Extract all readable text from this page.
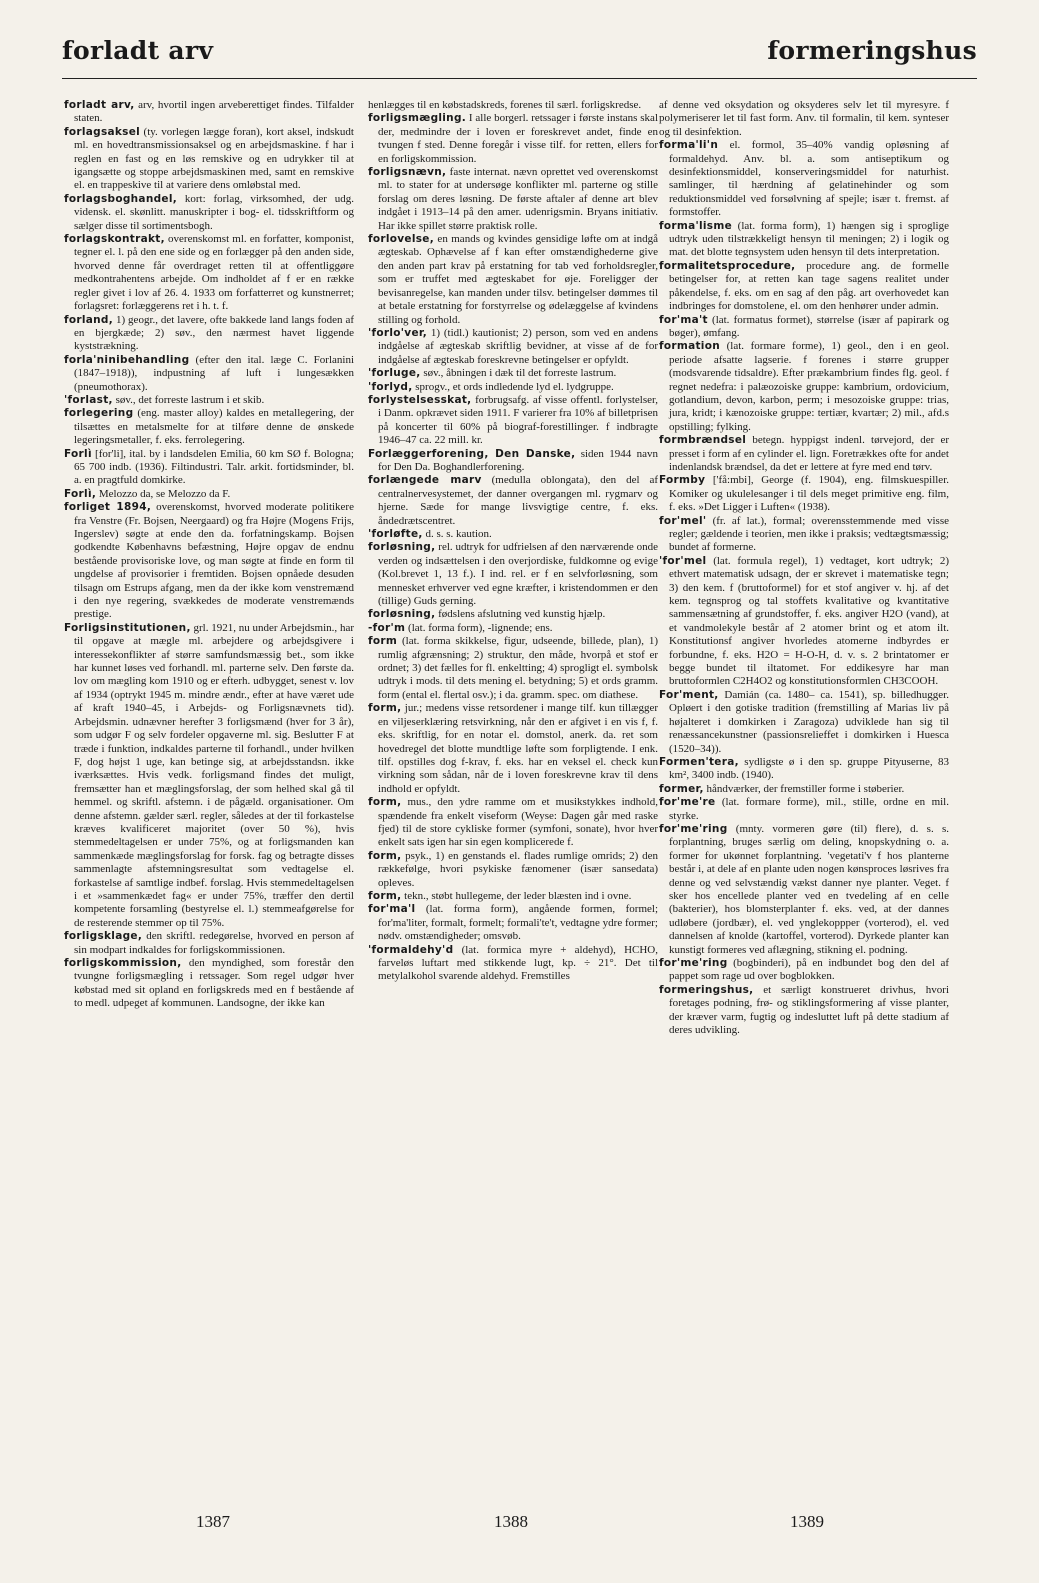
forladt arv	formeringshus

forladt arv, arv, hvortil ingen arveberettiget findes. Tilfalder staten.

forlagsaksel (ty. vorlegen lægge foran), kort aksel, indskudt ml. en hovedtransmissionsaksel og en arbejdsmaskine. f har i reglen en fast og en løs remskive og en udrykker til at igangsætte og stoppe arbejdsmaskinen med, samt en remskive el. en trappeskive til at variere dens omløbstal med.

forlagsboghandel, kort: forlag, virksomhed, der udg. vidensk. el. skønlitt. manuskripter i bog- el. tidsskriftform og sælger disse til sortimentsbogh.

forlagskontrakt, overenskomst ml. en forfatter, komponist, tegner el. l. på den ene side og en forlægger på den anden side, hvorved denne får overdraget retten til at offentliggøre medkontrahentens arbejde. Om indholdet af f er en række regler givet i lov af 26. 4. 1933 om forfatterret og kunstnerret; forlagsret: forlæggerens ret i h. t. f.

forland, 1) geogr., det lavere, ofte bakkede land langs foden af en bjergkæde; 2) søv., den nærmest havet liggende kyststrækning.

forla'ninibehandling (efter den ital. læge C. Forlanini (1847–1918)), indpustning af luft i lungesækken (pneumothorax).

'forlast, søv., det forreste lastrum i et skib.

forlegering (eng. master alloy) kaldes en metallegering, der tilsættes en metalsmelte for at tilføre denne de ønskede legeringsmetaller, f. eks. ferrolegering.

Forlì [for'li], ital. by i landsdelen Emilia, 60 km SØ f. Bologna; 65 700 indb. (1936). Filtindustri. Talr. arkit. fortidsminder, bl. a. en pragtfuld domkirke.

Forlì, Melozzo da, se Melozzo da F.

forliget 1894, overenskomst, hvorved moderate politikere fra Venstre (Fr. Bojsen, Neergaard) og fra Højre (Mogens Frijs, Ingerslev) søgte at ende den da. forfatningskamp. Bojsen godkendte Københavns befæstning, Højre opgav de endnu bestående provisoriske love, og man søgte at finde en form til ungdelse af provisorier i fremtiden. Bojsen opnåede desuden tilsagn om Estrups afgang, men da der ikke kom venstremænd i den nye regering, svækkedes de moderate venstremænds prestige.

Forligsinstitutionen, grl. 1921, nu under Arbejdsmin., har til opgave at mægle ml. arbejdere og arbejdsgivere i interessekonflikter af større samfundsmæssig bet., som ikke har kunnet løses ved forhandl. ml. parterne selv. Den første da. lov om mægling kom 1910 og er efterh. udbygget, senest v. lov af 1934 (optrykt 1945 m. mindre ændr., efter at have været ude af kraft 1940–45, i Arbejds- og Forligsnævnets tid). Arbejdsmin. udnævner herefter 3 forligsmænd (hver for 3 år), som udgør F og selv fordeler opgaverne ml. sig. Beslutter F at træde i funktion, indkaldes parterne til forhandl., under hvilken F, dog højst 1 uge, kan betinge sig, at arbejdsstandsn. ikke iværksættes. Hvis vedk. forligsmand findes det muligt, fremsætter han et mæglingsforslag, der som helhed skal gå til hemmel. og skriftl. afstemn. i de pågæld. organisationer. Om denne afstemn. gælder særl. regler, således at der til forkastelse kræves kvalificeret majoritet (over 50 %), hvis stemmedeltagelsen er under 75%, og at forligsmanden kan sammenkæde mæglingsforslag for forsk. fag og betragte disses sammenlagte afstemningsresultat som vedtagelse el. forkastelse af samtlige indbef. forslag. Hvis stemmedeltagelsen i et »sammenkædet fag« er under 75%, træffer den dertil kompetente forsamling (bestyrelse el. l.) stemmeafgørelse for de resterende stemmer op til 75%.

forligsklage, den skriftl. redegørelse, hvorved en person af sin modpart indkaldes for forligskommissionen.

forligskommission, den myndighed, som forestår den tvungne forligsmægling i retssager. Som regel udgør hver købstad med sit opland en forligskreds med en f bestående af to medl. udpeget af kommunen. Landsogne, der ikke kan

henlægges til en købstadskreds, forenes til særl. forligskredse.

forligsmægling. I alle borgerl. retssager i første instans skal der, medmindre der i loven er foreskrevet andet, finde en tvungen f sted. Denne foregår i visse tilf. for retten, ellers for en forligskommission.

forligsnævn, faste internat. nævn oprettet ved overenskomst ml. to stater for at undersøge konflikter ml. parterne og stille forslag om deres løsning. De første aftaler af denne art blev indgået i 1913–14 på den amer. udenrigsmin. Bryans initiativ. Har ikke spillet større praktisk rolle.

forlovelse, en mands og kvindes gensidige løfte om at indgå ægteskab. Ophævelse af f kan efter omstændighederne give den anden part krav på erstatning for tab ved forholdsregler, som er truffet med ægteskabet for øje. Foreligger der bevisanregelse, kan manden under tilsv. betingelser dømmes til at betale erstatning for forstyrrelse og ødelæggelse af kvindens stilling og forhold.

'forlo'ver, 1) (tidl.) kautionist; 2) person, som ved en andens indgåelse af ægteskab skriftlig bevidner, at visse af de for indgåelse af ægteskab foreskrevne betingelser er opfyldt.

'forluge, søv., åbningen i dæk til det forreste lastrum.

'forlyd, sprogv., et ords indledende lyd el. lydgruppe.

forlystelsesskat, forbrugsafg. af visse offentl. forlystelser, i Danm. opkrævet siden 1911. F varierer fra 10% af billetprisen på koncerter til 60% på biograf-forestillinger. f indbragte 1946–47 ca. 22 mill. kr.

Forlæggerforening, Den Danske, siden 1944 navn for Den Da. Boghandlerforening.

forlængede marv (medulla oblongata), den del af centralnervesystemet, der danner overgangen ml. rygmarv og hjerne. Sæde for mange livsvigtige centre, f. eks. åndedrætscentret.

'forløfte, d. s. s. kaution.

forløsning, rel. udtryk for udfrielsen af den nærværende onde verden og indsættelsen i den overjordiske, fuldkomne og evige (Kol.brevet 1, 13 f.). I ind. rel. er f en selvforløsning, som mennesket erhverver ved egne kræfter, i kristendommen er den (tillige) Guds gerning.

forløsning, fødslens afslutning ved kunstig hjælp.

-for'm (lat. forma form), -lignende; ens.

form (lat. forma skikkelse, figur, udseende, billede, plan), 1) rumlig afgrænsning; 2) struktur, den måde, hvorpå et stof er ordnet; 3) det fælles for fl. enkeltting; 4) sprogligt el. symbolsk udtryk i mods. til dets mening el. betydning; 5) et ords gramm. form (ental el. flertal osv.); i da. gramm. spec. om diathese.

form, jur.; medens visse retsordener i mange tilf. kun tillægger en viljeserklæring retsvirkning, når den er afgivet i en vis f, f. eks. skriftlig, for en notar el. domstol, anerk. da. ret som hovedregel det blotte mundtlige løfte som forpligtende. I enk. tilf. opstilles dog f-krav, f. eks. har en veksel el. check kun virkning som sådan, når de i loven foreskrevne krav til dens indhold er opfyldt.

form, mus., den ydre ramme om et musikstykkes indhold, spændende fra enkelt viseform (Weyse: Dagen går med raske fjed) til de store cykliske former (symfoni, sonate), hvor hver enkelt sats igen har sin egen komplicerede f.

form, psyk., 1) en genstands el. flades rumlige omrids; 2) den rækkefølge, hvori psykiske fænomener (især sansedata) opleves.

form, tekn., støbt hullegeme, der leder blæsten ind i ovne.

for'ma'l (lat. forma form), angående formen, formel; for'ma'liter, formalt, formelt; formali'te't, vedtagne ydre former; nødv. omstændigheder; omsvøb.

'formaldehy'd (lat. formica myre + aldehyd), HCHO, farveløs luftart med stikkende lugt, kp. ÷ 21°. Det til metylalkohol svarende aldehyd. Fremstilles

af denne ved oksydation og oksyderes selv let til myresyre. f polymeriserer let til fast form. Anv. til formalin, til kem. synteser og til desinfektion.

forma'li'n el. formol, 35–40% vandig opløsning af formaldehyd. Anv. bl. a. som antiseptikum og desinfektionsmiddel, konserveringsmiddel for naturhist. samlinger, til hærdning af gelatinehinder og som reduktionsmiddel ved forsølvning af spejle; især t. fremst. af formstoffer.

forma'lisme (lat. forma form), 1) hængen sig i sproglige udtryk uden tilstrækkeligt hensyn til meningen; 2) i logik og mat. det blotte tegnsystem uden hensyn til dets interpretation.

formalitetsprocedure, procedure ang. de formelle betingelser for, at retten kan tage sagens realitet under påkendelse, f. eks. om en sag af den påg. art overhovedet kan indbringes for domstolene, el. om den henhører under admin.

for'ma't (lat. formatus formet), størrelse (især af papirark og bøger), ømfang.

formation (lat. formare forme), 1) geol., den i en geol. periode afsatte lagserie. f forenes i større grupper (modsvarende tidsaldre). Efter prækambrium findes flg. geol. f regnet nedefra: i palæozoiske gruppe: kambrium, ordovicium, gotlandium, devon, karbon, perm; i mesozoiske gruppe: trias, jura, kridt; i kænozoiske gruppe: tertiær, kvartær; 2) mil., afd.s opstilling; fylking.

formbrændsel betegn. hyppigst indenl. tørvejord, der er presset i form af en cylinder el. lign. Foretrækkes ofte for andet indenlandsk brændsel, da det er lettere at fyre med end tørv.

Formby ['få:mbi], George (f. 1904), eng. filmskuespiller. Komiker og ukulelesanger i til dels meget primitive eng. film, f. eks. »Det Ligger i Luften« (1938).

for'mel' (fr. af lat.), formal; overensstemmende med visse regler; gældende i teorien, men ikke i praksis; vedtægtsmæssig; bundet af formerne.

'for'mel (lat. formula regel), 1) vedtaget, kort udtryk; 2) ethvert matematisk udsagn, der er skrevet i matematiske tegn; 3) den kem. f (bruttoformel) for et stof angiver v. hj. af det kem. tegnsprog og tal stoffets kvalitative og kvantitative sammensætning af grundstoffer, f. eks. angiver H2O (vand), at et vandmolekyle består af 2 atomer brint og et atom ilt. Konstitutionsf angiver hvorledes atomerne indbyrdes er forbundne, f. eks. H2O = H-O-H, d. v. s. 2 brintatomer er begge bundet til iltatomet. For eddikesyre har man bruttoformlen C2H4O2 og konstitutionsformlen CH3COOH.

For'ment, Damián (ca. 1480– ca. 1541), sp. billedhugger. Opløert i den gotiske tradition (fremstilling af Marias liv på højalteret i domkirken i Zaragoza) udviklede han sig til renæssancekunstner (passionsrelieffet i domkirken i Huesca (1520–34)).

Formen'tera, sydligste ø i den sp. gruppe Pityuserne, 83 km², 3400 indb. (1940).

former, håndværker, der fremstiller forme i støberier.

for'me're (lat. formare forme), mil., stille, ordne en mil. styrke.

for'me'ring (mnty. vormeren gøre (til) flere), d. s. s. forplantning, bruges særlig om deling, knopskydning o. a. former for ukønnet forplantning. 'vegetati'v f hos planterne består i, at dele af en plante uden nogen kønsproces løsrives fra denne og ved selvstændig vækst danner nye planter. Veget. f sker hos encellede planter ved en tvedeling af en celle (bakterier), hos blomsterplanter f. eks. ved, at der dannes udløbere (jordbær), el. ved ynglekoppper (vorterod), el. ved dannelsen af knolde (kartoffel, vorterod). Dyrkede planter kan kunstigt formeres ved aflægning, stikning el. podning.

for'me'ring (bogbinderi), på en indbundet bog den del af pappet som rage ud over bogblokken.

formeringshus, et særligt konstrueret drivhus, hvori foretages podning, frø- og stiklingsformering af visse planter, der kræver varm, fugtig og indesluttet luft på dette stadium af deres udvikling.

1387	1388	1389
